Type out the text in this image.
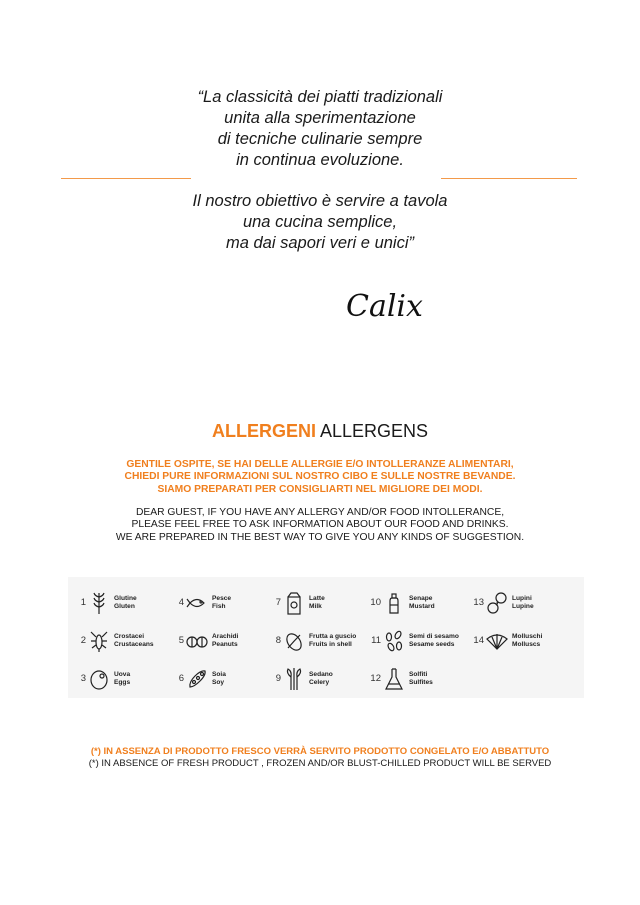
“La classicità dei piatti tradizionali
unita alla sperimentazione
di tecniche culinarie sempre
in continua evoluzione.
Il nostro obiettivo è servire a tavola
una cucina semplice,
ma dai sapori veri e unici”
Calix
ALLERGENI ALLERGENS
GENTILE OSPITE, SE HAI DELLE ALLERGIE E/O INTOLLERANZE ALIMENTARI,
CHIEDI PURE INFORMAZIONI SUL NOSTRO CIBO E SULLE NOSTRE BEVANDE.
SIAMO PREPARATI PER CONSIGLIARTI NEL MIGLIORE DEI MODI.
DEAR GUEST, IF YOU HAVE ANY ALLERGY AND/OR FOOD INTOLLERANCE,
PLEASE FEEL FREE TO ASK INFORMATION ABOUT OUR FOOD AND DRINKS.
WE ARE PREPARED IN THE BEST WAY TO GIVE YOU ANY KINDS OF SUGGESTION.
1	Glutine
Gluten
2	Crostacei
Crustaceans
3	Uova
Eggs
4	Pesce
Fish
5	Arachidi
Peanuts
6	Soia
Soy
7	Latte
Milk
8	Frutta a guscio
Fruits in shell
9	Sedano
Celery
10	Senape
Mustard
11	Semi di sesamo
Sesame seeds
12	Solfiti
Sulfites
13	Lupini
Lupine
14	Molluschi
Molluscs
(*) IN ASSENZA DI PRODOTTO FRESCO VERRÀ SERVITO PRODOTTO CONGELATO E/O ABBATTUTO
(*) IN ABSENCE OF FRESH PRODUCT , FROZEN AND/OR BLUST-CHILLED PRODUCT WILL BE SERVED
